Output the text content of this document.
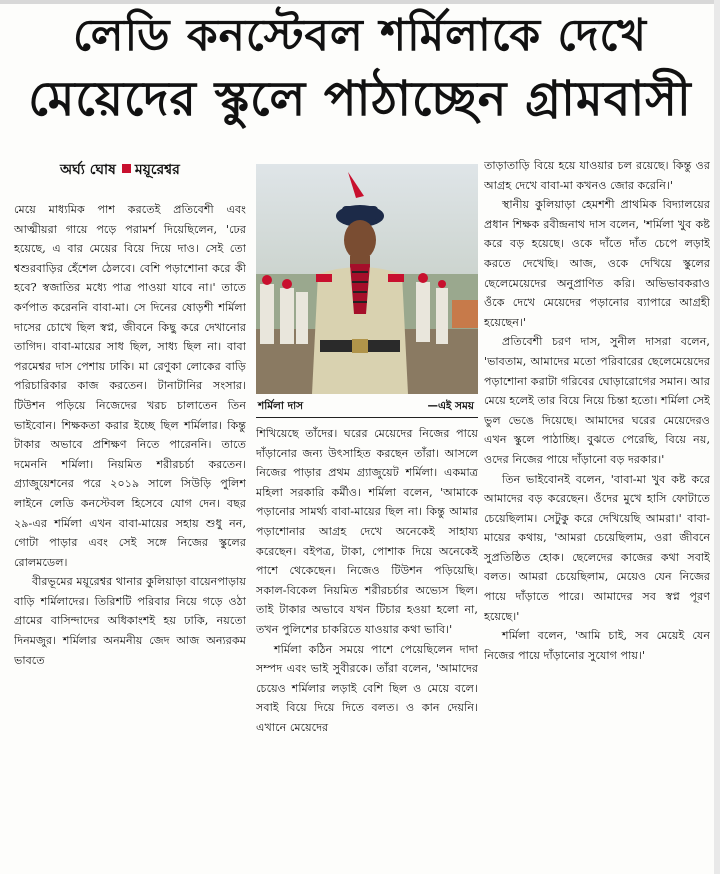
লেডি কনস্টেবল শর্মিলাকে দেখে
মেয়েদের স্কুলে পাঠাচ্ছেন গ্রামবাসী
অর্ঘ্য ঘোষ ময়ূরেশ্বর

মেয়ে মাধ্যমিক পাশ করতেই প্রতিবেশী এবং আত্মীয়রা গায়ে পড়ে পরামর্শ দিয়েছিলেন, 'ঢের হয়েছে, এ বার মেয়ের বিয়ে দিয়ে দাও। সেই তো শ্বশুরবাড়ির হেঁশেল ঠেলবে। বেশি পড়াশোনা করে কী হবে? স্বজাতির মধ্যে পাত্র পাওয়া যাবে না।' তাতে কর্ণপাত করেননি বাবা-মা। সে দিনের ষোড়শী শর্মিলা দাসের চোখে ছিল স্বপ্ন, জীবনে কিছু করে দেখানোর তাগিদ। বাবা-মায়ের সাধ ছিল, সাধ্য ছিল না। বাবা পরমেশ্বর দাস পেশায় ঢাকি। মা রেণুকা লোকের বাড়ি পরিচারিকার কাজ করতেন। টানাটানির সংসার। টিউশন পড়িয়ে নিজেদের খরচ চালাতেন তিন ভাইবোন। শিক্ষকতা করার ইচ্ছে ছিল শর্মিলার। কিন্তু টাকার অভাবে প্রশিক্ষণ নিতে পারেননি। তাতে দমেননি শর্মিলা। নিয়মিত শরীরচর্চা করতেন। গ্র্যাজুয়েশনের পরে ২০১৯ সালে সিউড়ি পুলিশ লাইনে লেডি কনস্টেবল হিসেবে যোগ দেন। বছর ২৯-এর শর্মিলা এখন বাবা-মায়ের সহায় শুধু নন, গোটা পাড়ার এবং সেই সঙ্গে নিজের স্কুলের রোলমডেল।

বীরভূমের ময়ূরেশ্বর থানার কুলিয়াড়া বায়েনপাড়ায় বাড়ি শর্মিলাদের। তিরিশটি পরিবার নিয়ে গড়ে ওঠা গ্রামের বাসিন্দাদের অধিকাংশই হয় ঢাকি, নয়তো দিনমজুর। শর্মিলার অনমনীয় জেদ আজ অন্যরকম ভাবতে

শর্মিলা দাস	—এই সময়

শিখিয়েছে তাঁদের। ঘরের মেয়েদের নিজের পায়ে দাঁড়ানোর জন্য উৎসাহিত করছেন তাঁরা। আসলে নিজের পাড়ার প্রথম গ্র্যাজুয়েট শর্মিলা। একমাত্র মহিলা সরকারি কর্মীও। শর্মিলা বলেন, 'আমাকে পড়ানোর সামর্থ্য বাবা-মায়ের ছিল না। কিন্তু আমার পড়াশোনার আগ্রহ দেখে অনেকেই সাহায্য করেছেন। বইপত্র, টাকা, পোশাক দিয়ে অনেকেই পাশে থেকেছেন। নিজেও টিউশন পড়িয়েছি। সকাল-বিকেল নিয়মিত শরীরচর্চার অভ্যেস ছিল। তাই টাকার অভাবে যখন টিচার হওয়া হলো না, তখন পুলিশের চাকরিতে যাওয়ার কথা ভাবি।'

শর্মিলা কঠিন সময়ে পাশে পেয়েছিলেন দাদা সম্পদ এবং ভাই সুবীরকে। তাঁরা বলেন, 'আমাদের চেয়েও শর্মিলার লড়াই বেশি ছিল ও মেয়ে বলে। সবাই বিয়ে দিয়ে দিতে বলত। ও কান দেয়নি। এখানে মেয়েদের

তাড়াতাড়ি বিয়ে হয়ে যাওয়ার চল রয়েছে। কিন্তু ওর আগ্রহ দেখে বাবা-মা কখনও জোর করেনি।'

স্থানীয় কুলিয়াড়া হেমশশী প্রাথমিক বিদ্যালয়ের প্রধান শিক্ষক রবীন্দ্রনাথ দাস বলেন, 'শর্মিলা খুব কষ্ট করে বড় হয়েছে। ওকে দাঁতে দাঁত চেপে লড়াই করতে দেখেছি। আজ, ওকে দেখিয়ে স্কুলের ছেলেমেয়েদের অনুপ্রাণিত করি। অভিভাবকরাও ওঁকে দেখে মেয়েদের পড়ানোর ব্যাপারে আগ্রহী হয়েছেন।'

প্রতিবেশী চরণ দাস, সুনীল দাসরা বলেন, 'ভাবতাম, আমাদের মতো পরিবারের ছেলেমেয়েদের পড়াশোনা করাটা গরিবের ঘোড়ারোগের সমান। আর মেয়ে হলেই তার বিয়ে নিয়ে চিন্তা হতো। শর্মিলা সেই ভুল ভেঙে দিয়েছে। আমাদের ঘরের মেয়েদেরও এখন স্কুলে পাঠাচ্ছি। বুঝতে পেরেছি, বিয়ে নয়, ওদের নিজের পায়ে দাঁড়ানো বড় দরকার।'

তিন ভাইবোনই বলেন, 'বাবা-মা খুব কষ্ট করে আমাদের বড় করেছেন। ওঁদের মুখে হাসি ফোটাতে চেয়েছিলাম। সেটুকু করে দেখিয়েছি আমরা।' বাবা-মায়ের কথায়, 'আমরা চেয়েছিলাম, ওরা জীবনে সুপ্রতিষ্ঠিত হোক। ছেলেদের কাজের কথা সবাই বলত। আমরা চেয়েছিলাম, মেয়েও যেন নিজের পায়ে দাঁড়াতে পারে। আমাদের সব স্বপ্ন পূরণ হয়েছে।'

শর্মিলা বলেন, 'আমি চাই, সব মেয়েই যেন নিজের পায়ে দাঁড়ানোর সুযোগ পায়।'
